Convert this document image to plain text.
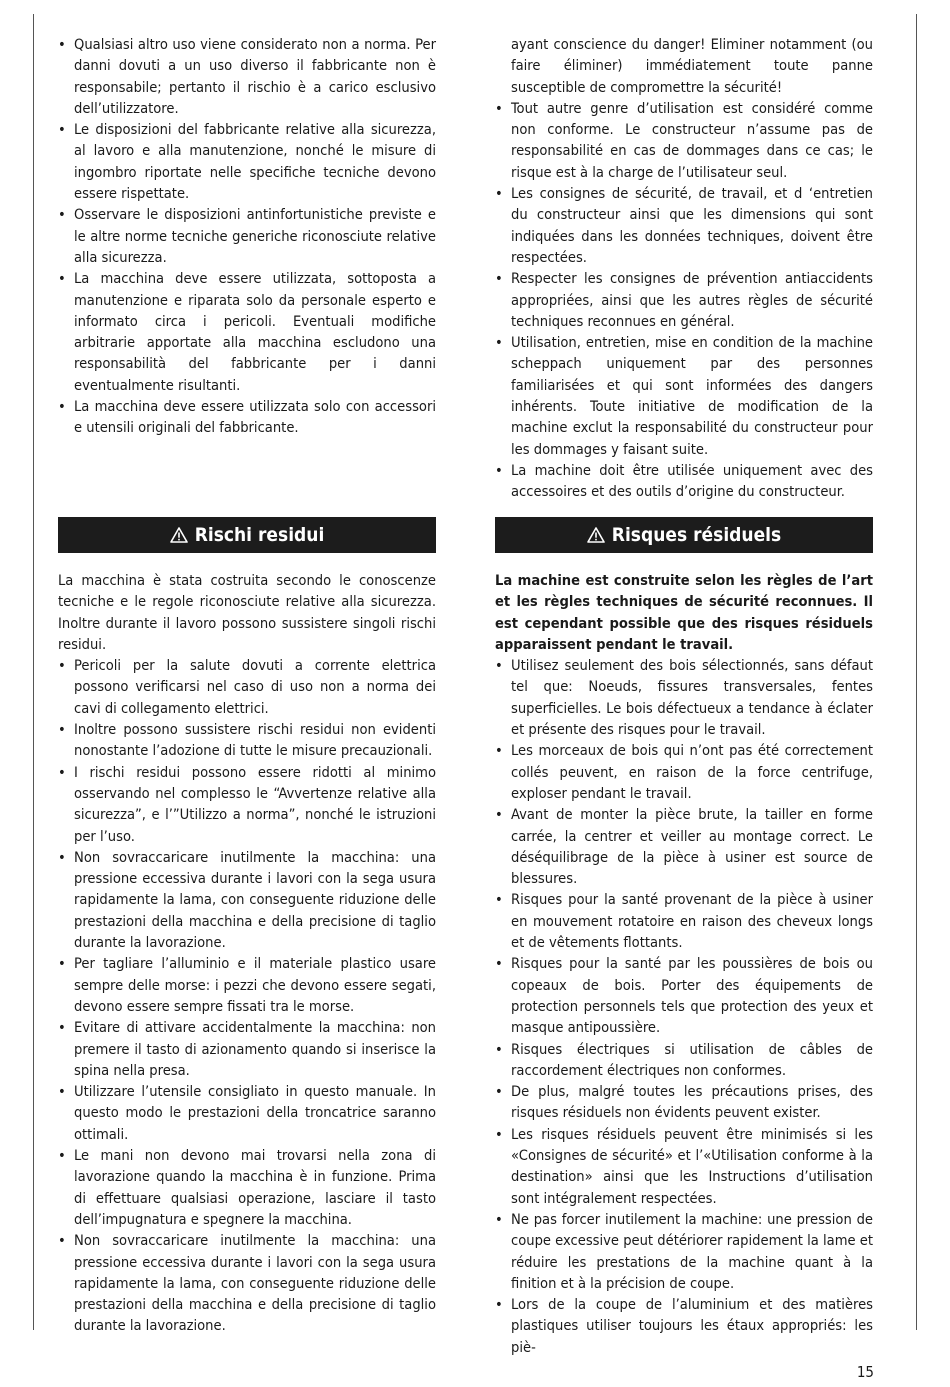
• Qualsiasi altro uso viene considerato non a norma. Per danni dovuti a un uso diverso il fabbricante non è responsabile; pertanto il rischio è a carico esclusivo dell’utilizzatore.
• Le disposizioni del fabbricante relative alla sicurezza, al lavoro e alla manutenzione, nonché le misure di ingombro riportate nelle specifiche tecniche devono essere rispettate.
• Osservare le disposizioni antinfortunistiche previste e le altre norme tecniche generiche riconosciute relative alla sicurezza.
• La macchina deve essere utilizzata, sottoposta a manutenzione e riparata solo da personale esperto e informato circa i pericoli. Eventuali modifiche arbitrarie apportate alla macchina escludono una responsabilità del fabbricante per i danni eventualmente risultanti.
• La macchina deve essere utilizzata solo con accessori e utensili originali del fabbricante.

ayant conscience du danger! Eliminer notamment (ou faire éliminer) immédiatement toute panne susceptible de compromettre la sécurité!

• Tout autre genre d’utilisation est considéré comme non conforme. Le constructeur n’assume pas de responsabilité en cas de dommages dans ce cas; le risque est à la charge de l’utilisateur seul.
• Les consignes de sécurité, de travail, et d ‘entretien du constructeur ainsi que les dimensions qui sont indiquées dans les données techniques, doivent être respectées.
• Respecter les consignes de prévention antiaccidents appropriées, ainsi que les autres règles de sécurité techniques reconnues en général.
• Utilisation, entretien, mise en condition de la machine scheppach uniquement par des personnes familiarisées et qui sont informées des dangers inhérents. Toute initiative de modification de la machine exclut la responsabilité du constructeur pour les dommages y faisant suite.
• La machine doit être utilisée uniquement avec des accessoires et des outils d’origine du constructeur.
Rischi residui	Risques résiduels

La macchina è stata costruita secondo le conoscenze tecniche e le regole riconosciute relative alla sicurezza. Inoltre durante il lavoro possono sussistere singoli rischi residui.

• Pericoli per la salute dovuti a corrente elettrica possono verificarsi nel caso di uso non a norma dei cavi di collegamento elettrici.
• Inoltre possono sussistere rischi residui non evidenti nonostante l’adozione di tutte le misure precauzionali.
• I rischi residui possono essere ridotti al minimo osservando nel complesso le “Avvertenze relative alla sicurezza”, e l’”Utilizzo a norma”, nonché le istruzioni per l’uso.
• Non sovraccaricare inutilmente la macchina: una pressione eccessiva durante i lavori con la sega usura rapidamente la lama, con conseguente riduzione delle prestazioni della macchina e della precisione di taglio durante la lavorazione.
• Per tagliare l’alluminio e il materiale plastico usare sempre delle morse: i pezzi che devono essere segati, devono essere sempre fissati tra le morse.
• Evitare di attivare accidentalmente la macchina: non premere il tasto di azionamento quando si inserisce la spina nella presa.
• Utilizzare l’utensile consigliato in questo manuale. In questo modo le prestazioni della troncatrice saranno ottimali.
• Le mani non devono mai trovarsi nella zona di lavorazione quando la macchina è in funzione. Prima di effettuare qualsiasi operazione, lasciare il tasto dell’impugnatura e spegnere la macchina.
• Non sovraccaricare inutilmente la macchina: una pressione eccessiva durante i lavori con la sega usura rapidamente la lama, con conseguente riduzione delle prestazioni della macchina e della precisione di taglio durante la lavorazione.

La machine est construite selon les règles de l’art et les règles techniques de sécurité reconnues. Il est cependant possible que des risques résiduels apparaissent pendant le travail.

• Utilisez seulement des bois sélectionnés, sans défaut tel que: Noeuds, fissures transversales, fentes superficielles. Le bois défectueux a tendance à éclater et présente des risques pour le travail.
• Les morceaux de bois qui n’ont pas été correctement collés peuvent, en raison de la force centrifuge, exploser pendant le travail.
• Avant de monter la pièce brute, la tailler en forme carrée, la centrer et veiller au montage correct. Le déséquilibrage de la pièce à usiner est source de blessures.
• Risques pour la santé provenant de la pièce à usiner en mouvement rotatoire en raison des cheveux longs et de vêtements flottants.
• Risques pour la santé par les poussières de bois ou copeaux de bois. Porter des équipements de protection personnels tels que protection des yeux et masque antipoussière.
• Risques électriques si utilisation de câbles de raccordement électriques non conformes.
• De plus, malgré toutes les précautions prises, des risques résiduels non évidents peuvent exister.
• Les risques résiduels peuvent être minimisés si les «Consignes de sécurité» et l’«Utilisation conforme à la destination» ainsi que les Instructions d’utilisation sont intégralement respectées.
• Ne pas forcer inutilement la machine: une pression de coupe excessive peut détériorer rapidement la lame et réduire les prestations de la machine quant à la finition et à la précision de coupe.
• Lors de la coupe de l’aluminium et des matières plastiques utiliser toujours les étaux appropriés: les piè-
15
